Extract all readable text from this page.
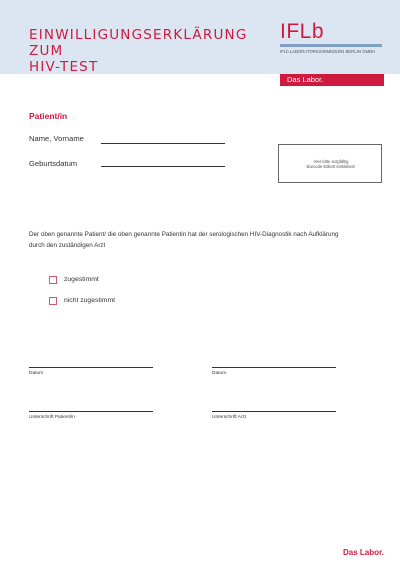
EINWILLIGUNGSERKLÄRUNG ZUM
HIV-TEST
IFLb
IFLb LABORATORIUMSMEDIZIN BERLIN GMBH
Das Labor.
Patient/in
Name, Vorname
Geburtsdatum	Hier bitte sorgfältig
Barcode-Etikett einkleben!
Der oben genannte Patient/ die oben genannte Patientin hat der serologischen HIV-Diagnostik nach Aufklärung
durch den zuständigen Arzt
zugestimmt
nicht zugestimmt
Datum	Datum
Unterschrift Patient/in	Unterschrift Arzt
Das Labor.
